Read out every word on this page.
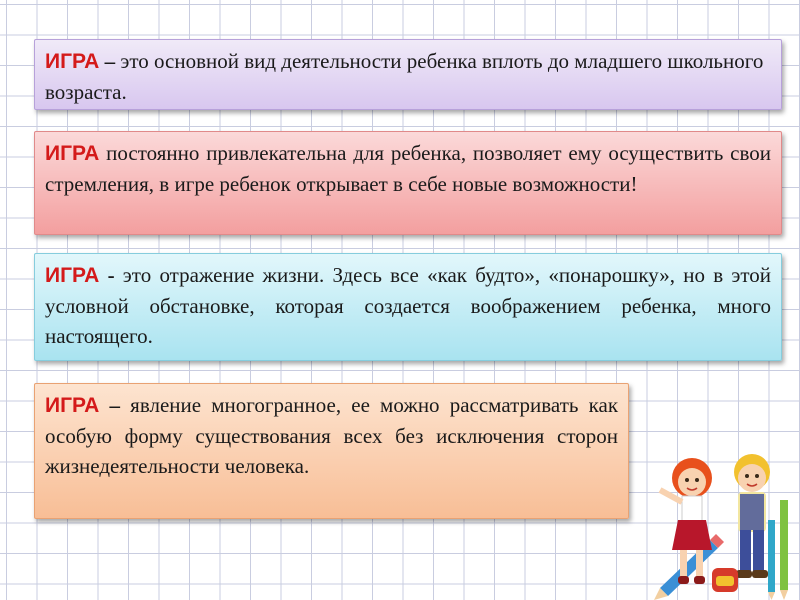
ИГРА – это основной вид деятельности ребенка вплоть до младшего школьного возраста.
ИГРА постоянно привлекательна для ребенка, позволяет ему осуществить свои стремления, в игре ребенок открывает в себе новые возможности!
ИГРА - это отражение жизни. Здесь все «как будто», «понарошку», но в этой условной обстановке, которая создается воображением ребенка, много настоящего.
ИГРА – явление многогранное, ее можно рассматривать как особую форму существования всех без исключения сторон жизнедеятельности человека.
